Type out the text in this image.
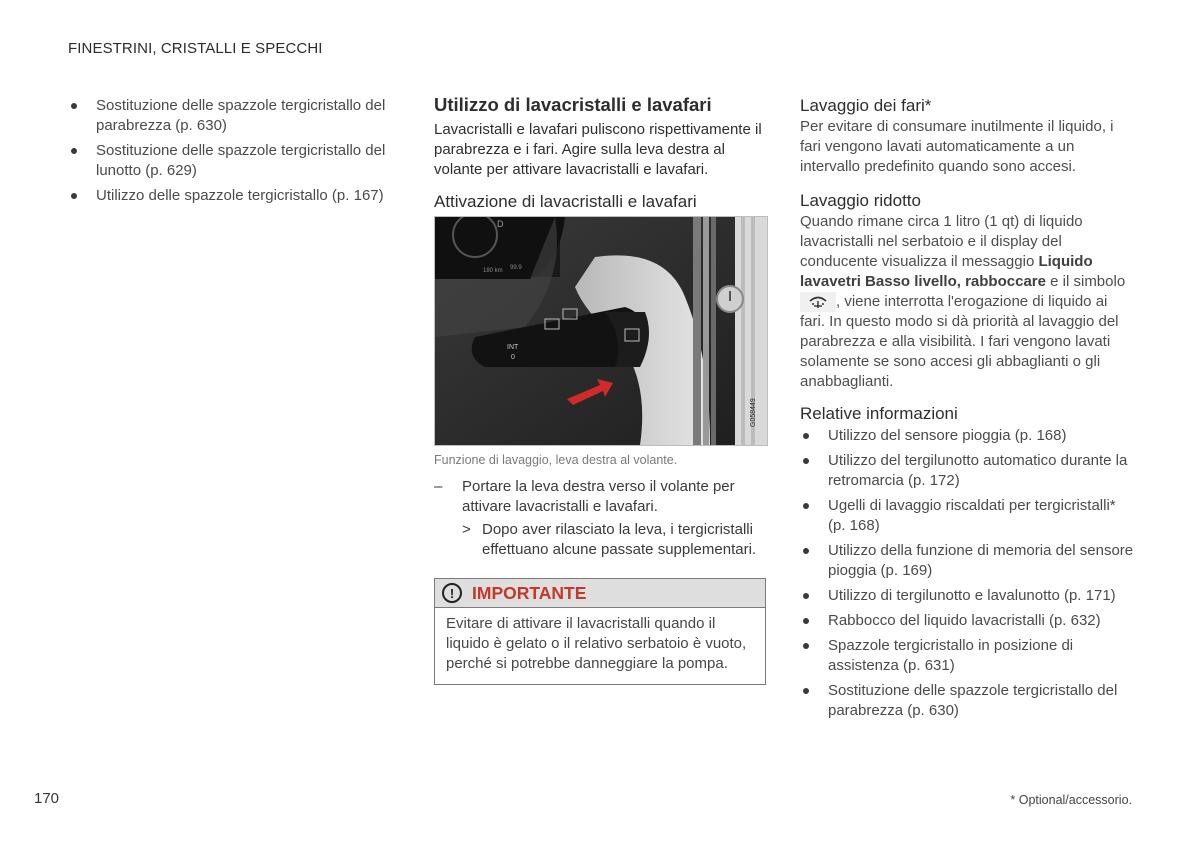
FINESTRINI, CRISTALLI E SPECCHI
Sostituzione delle spazzole tergicristallo del parabrezza (p. 630)
Sostituzione delle spazzole tergicristallo del lunotto (p. 629)
Utilizzo delle spazzole tergicristallo (p. 167)
Utilizzo di lavacristalli e lavafari
Lavacristalli e lavafari puliscono rispettivamente il parabrezza e i fari. Agire sulla leva destra al volante per attivare lavacristalli e lavafari.
Attivazione di lavacristalli e lavafari
D
180 km 99.9
INT
0
G058449
Funzione di lavaggio, leva destra al volante.
– Portare la leva destra verso il volante per attivare lavacristalli e lavafari.
> Dopo aver rilasciato la leva, i tergicristalli effettuano alcune passate supplementari.
!	IMPORTANTE
Evitare di attivare il lavacristalli quando il liquido è gelato o il relativo serbatoio è vuoto, perché si potrebbe danneggiare la pompa.
Lavaggio dei fari*
Per evitare di consumare inutilmente il liquido, i fari vengono lavati automaticamente a un intervallo predefinito quando sono accesi.
Lavaggio ridotto
Quando rimane circa 1 litro (1 qt) di liquido lavacristalli nel serbatoio e il display del conducente visualizza il messaggio Liquido lavavetri Basso livello, rabboccare e il simbolo , viene interrotta l'erogazione di liquido ai fari. In questo modo si dà priorità al lavaggio del parabrezza e alla visibilità. I fari vengono lavati solamente se sono accesi gli abbaglianti o gli anabbaglianti.
Relative informazioni
Utilizzo del sensore pioggia (p. 168)
Utilizzo del tergilunotto automatico durante la retromarcia (p. 172)
Ugelli di lavaggio riscaldati per tergicristalli* (p. 168)
Utilizzo della funzione di memoria del sensore pioggia (p. 169)
Utilizzo di tergilunotto e lavalunotto (p. 171)
Rabbocco del liquido lavacristalli (p. 632)
Spazzole tergicristallo in posizione di assistenza (p. 631)
Sostituzione delle spazzole tergicristallo del parabrezza (p. 630)
170	* Optional/accessorio.
